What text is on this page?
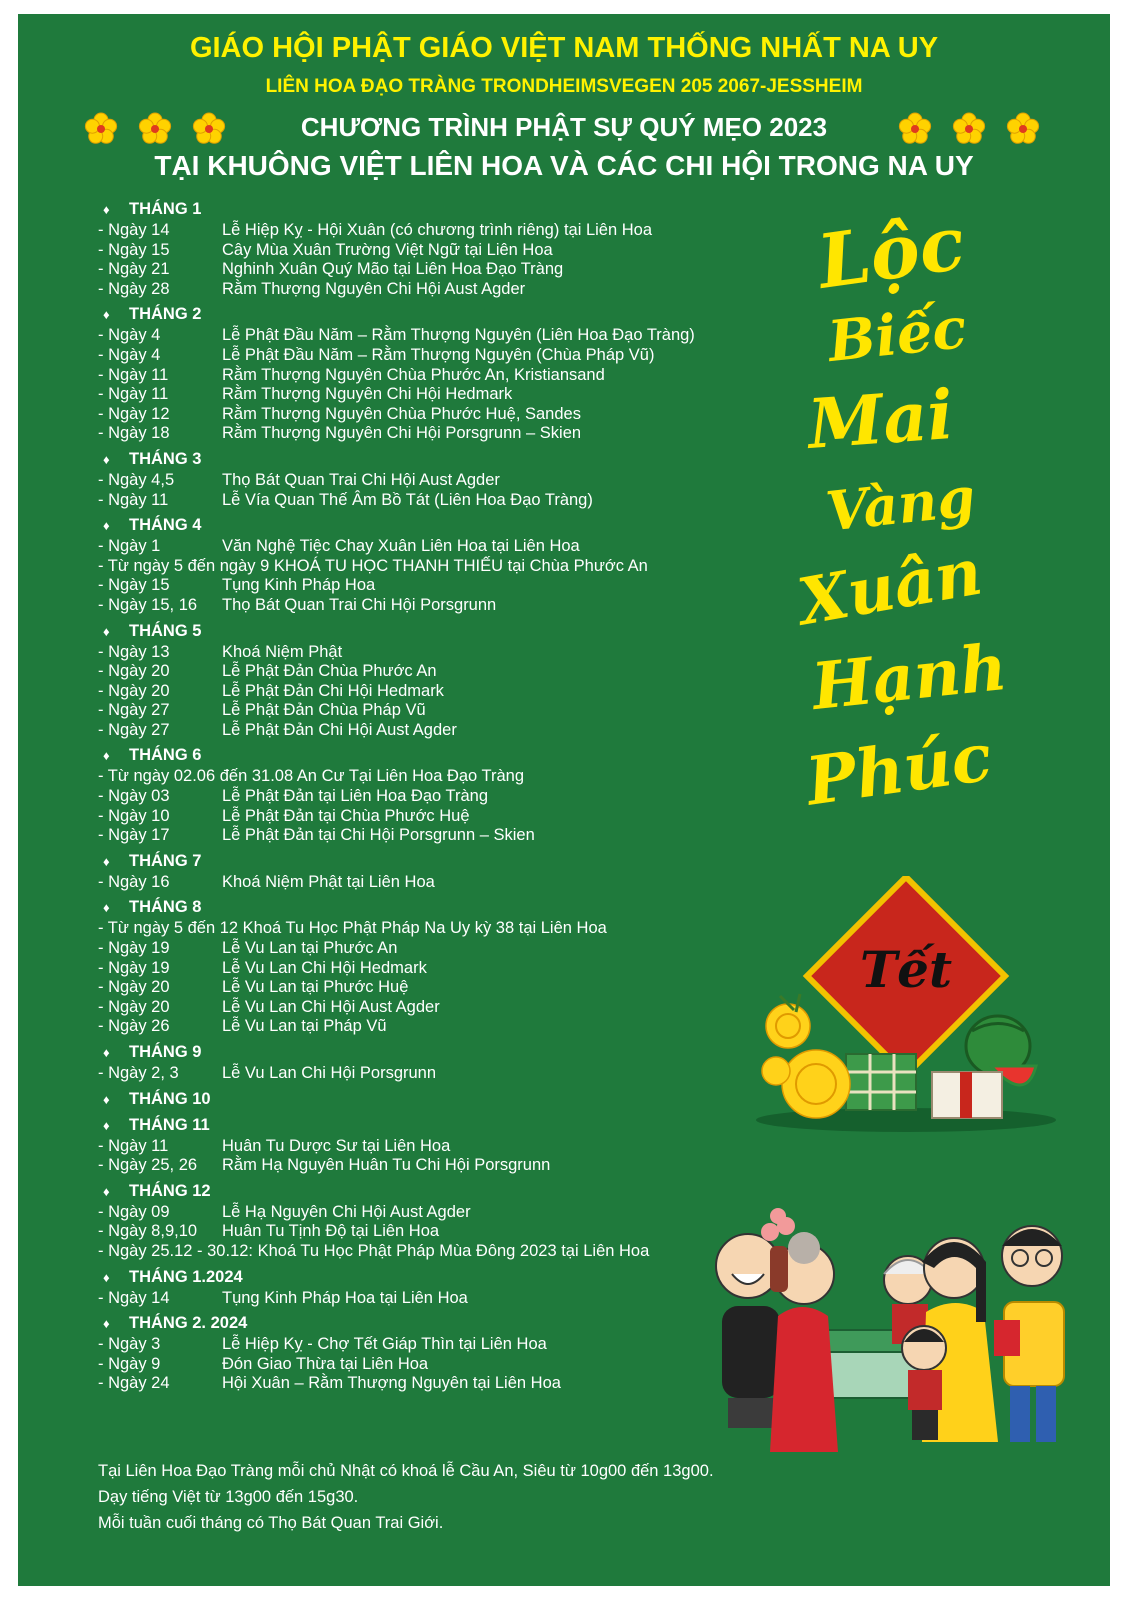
GIÁO HỘI PHẬT GIÁO VIỆT NAM THỐNG NHẤT NA UY
LIÊN HOA ĐẠO TRÀNG TRONDHEIMSVEGEN 205 2067-JESSHEIM
CHƯƠNG TRÌNH PHẬT SỰ QUÝ MẸO 2023
TẠI KHUÔNG VIỆT LIÊN HOA VÀ CÁC CHI HỘI TRONG NA UY
♦ THÁNG 1
- Ngày 14	Lễ Hiệp Kỵ - Hội Xuân (có chương trình riêng) tại Liên Hoa
- Ngày 15	Cây Mùa Xuân Trường Việt Ngữ tại Liên Hoa
- Ngày 21	Nghinh Xuân Quý Mão tại Liên Hoa Đạo Tràng
- Ngày 28	Rằm Thượng Nguyên Chi Hội Aust Agder
♦ THÁNG 2
- Ngày 4	Lễ Phật Đầu Năm – Rằm Thượng Nguyên (Liên Hoa Đạo Tràng)
- Ngày 4	Lễ Phật Đầu Năm – Rằm Thượng Nguyên (Chùa Pháp Vũ)
- Ngày 11	Rằm Thượng Nguyên Chùa Phước An, Kristiansand
- Ngày 11	Rằm Thượng Nguyên Chi Hội Hedmark
- Ngày 12	Rằm Thượng Nguyên Chùa Phước Huệ, Sandes
- Ngày 18	Rằm Thượng Nguyên Chi Hội Porsgrunn – Skien
♦ THÁNG 3
- Ngày 4,5	Thọ Bát Quan Trai Chi Hội Aust Agder
- Ngày 11	Lễ Vía Quan Thế Âm Bồ Tát (Liên Hoa Đạo Tràng)
♦ THÁNG 4
- Ngày 1	Văn Nghệ Tiệc Chay Xuân Liên Hoa tại Liên Hoa
- Từ ngày 5 đến ngày 9 KHOÁ TU HỌC THANH THIẾU tại Chùa Phước An
- Ngày 15	Tụng Kinh Pháp Hoa
- Ngày 15, 16 Thọ Bát Quan Trai Chi Hội Porsgrunn
♦ THÁNG 5
- Ngày 13	Khoá Niệm Phật
- Ngày 20	Lễ Phật Đản Chùa Phước An
- Ngày 20	Lễ Phật Đản Chi Hội Hedmark
- Ngày 27	Lễ Phật Đản Chùa Pháp Vũ
- Ngày 27	Lễ Phật Đản Chi Hội Aust Agder
♦ THÁNG 6
- Từ ngày 02.06 đến 31.08 An Cư Tại Liên Hoa Đạo Tràng
- Ngày 03	Lễ Phật Đản tại Liên Hoa Đạo Tràng
- Ngày 10	Lễ Phật Đản tại Chùa Phước Huệ
- Ngày 17	Lễ Phật Đản tại Chi Hội Porsgrunn – Skien
♦ THÁNG 7
- Ngày 16	Khoá Niệm Phật tại Liên Hoa
♦ THÁNG 8
- Từ ngày 5 đến 12 Khoá Tu Học Phật Pháp Na Uy kỳ 38 tại Liên Hoa
- Ngày 19	Lễ Vu Lan tại Phước An
- Ngày 19	Lễ Vu Lan Chi Hội Hedmark
- Ngày 20	Lễ Vu Lan tại Phước Huệ
- Ngày 20	Lễ Vu Lan Chi Hội Aust Agder
- Ngày 26	Lễ Vu Lan tại Pháp Vũ
♦ THÁNG 9
- Ngày 2, 3	Lễ Vu Lan Chi Hội Porsgrunn
♦ THÁNG 10
♦ THÁNG 11
- Ngày 11	Huân Tu Dược Sư tại Liên Hoa
- Ngày 25, 26 Rằm Hạ Nguyên Huân Tu Chi Hội Porsgrunn
♦ THÁNG 12
- Ngày 09	Lễ Hạ Nguyên Chi Hội Aust Agder
- Ngày 8,9,10 Huân Tu Tịnh Độ tại Liên Hoa
- Ngày 25.12 - 30.12: Khoá Tu Học Phật Pháp Mùa Đông 2023 tại Liên Hoa
♦ THÁNG 1.2024
- Ngày 14	Tụng Kinh Pháp Hoa tại Liên Hoa
♦ THÁNG 2. 2024
- Ngày 3	Lễ Hiệp Kỵ - Chợ Tết Giáp Thìn tại Liên Hoa
- Ngày 9	Đón Giao Thừa tại Liên Hoa
- Ngày 24	Hội Xuân – Rằm Thượng Nguyên tại Liên Hoa
Tại Liên Hoa Đạo Tràng mỗi chủ Nhật có khoá lễ Cầu An, Siêu từ 10g00 đến 13g00.
Dạy tiếng Việt từ 13g00 đến 15g30.
Mỗi tuần cuối tháng có Thọ Bát Quan Trai Giới.
Lộc
Biếc
Mai
Vàng
Xuân
Hạnh
Phúc
Tết
